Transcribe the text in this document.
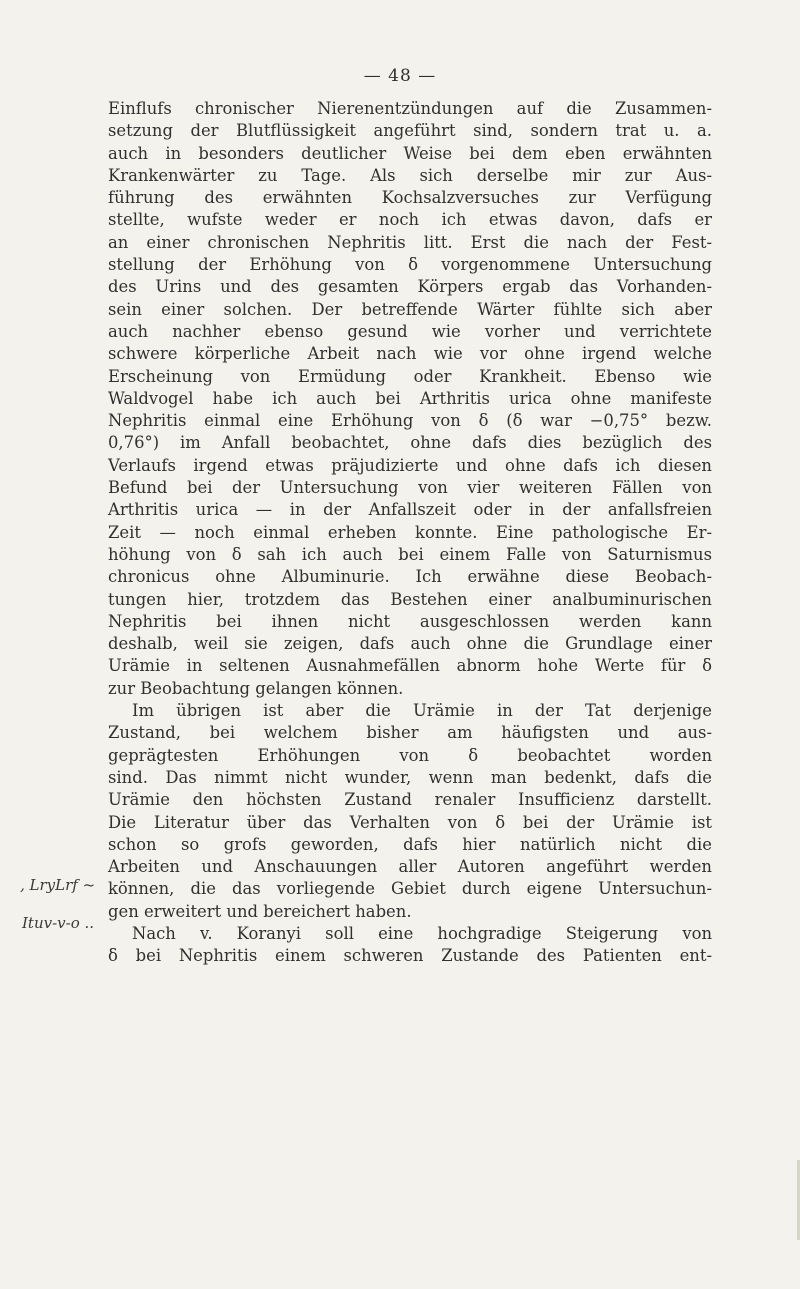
— 48 —

‚ LryLrf ~

Ituv-v-o ..

Einflufs chronischer Nierenentzündungen auf die Zusammen-
setzung der Blutflüssigkeit angeführt sind, sondern trat u. a.
auch in besonders deutlicher Weise bei dem eben erwähnten
Krankenwärter zu Tage. Als sich derselbe mir zur Aus-
führung des erwähnten Kochsalzversuches zur Verfügung
stellte, wufste weder er noch ich etwas davon, dafs er
an einer chronischen Nephritis litt. Erst die nach der Fest-
stellung der Erhöhung von δ vorgenommene Untersuchung
des Urins und des gesamten Körpers ergab das Vorhanden-
sein einer solchen. Der betreffende Wärter fühlte sich aber
auch nachher ebenso gesund wie vorher und verrichtete
schwere körperliche Arbeit nach wie vor ohne irgend welche
Erscheinung von Ermüdung oder Krankheit. Ebenso wie
Waldvogel habe ich auch bei Arthritis urica ohne manifeste
Nephritis einmal eine Erhöhung von δ (δ war −0,75° bezw.
0,76°) im Anfall beobachtet, ohne dafs dies bezüglich des
Verlaufs irgend etwas präjudizierte und ohne dafs ich diesen
Befund bei der Untersuchung von vier weiteren Fällen von
Arthritis urica — in der Anfallszeit oder in der anfallsfreien
Zeit — noch einmal erheben konnte. Eine pathologische Er-
höhung von δ sah ich auch bei einem Falle von Saturnismus
chronicus ohne Albuminurie. Ich erwähne diese Beobach-
tungen hier, trotzdem das Bestehen einer analbuminurischen
Nephritis bei ihnen nicht ausgeschlossen werden kann
deshalb, weil sie zeigen, dafs auch ohne die Grundlage einer
Urämie in seltenen Ausnahmefällen abnorm hohe Werte für δ
zur Beobachtung gelangen können.
Im übrigen ist aber die Urämie in der Tat derjenige
Zustand, bei welchem bisher am häufigsten und aus-
geprägtesten Erhöhungen von δ beobachtet worden
sind. Das nimmt nicht wunder, wenn man bedenkt, dafs die
Urämie den höchsten Zustand renaler Insufficienz darstellt.
Die Literatur über das Verhalten von δ bei der Urämie ist
schon so grofs geworden, dafs hier natürlich nicht die
Arbeiten und Anschauungen aller Autoren angeführt werden
können, die das vorliegende Gebiet durch eigene Untersuchun-
gen erweitert und bereichert haben.
Nach v. Koranyi soll eine hochgradige Steigerung von
δ bei Nephritis einem schweren Zustande des Patienten ent-
